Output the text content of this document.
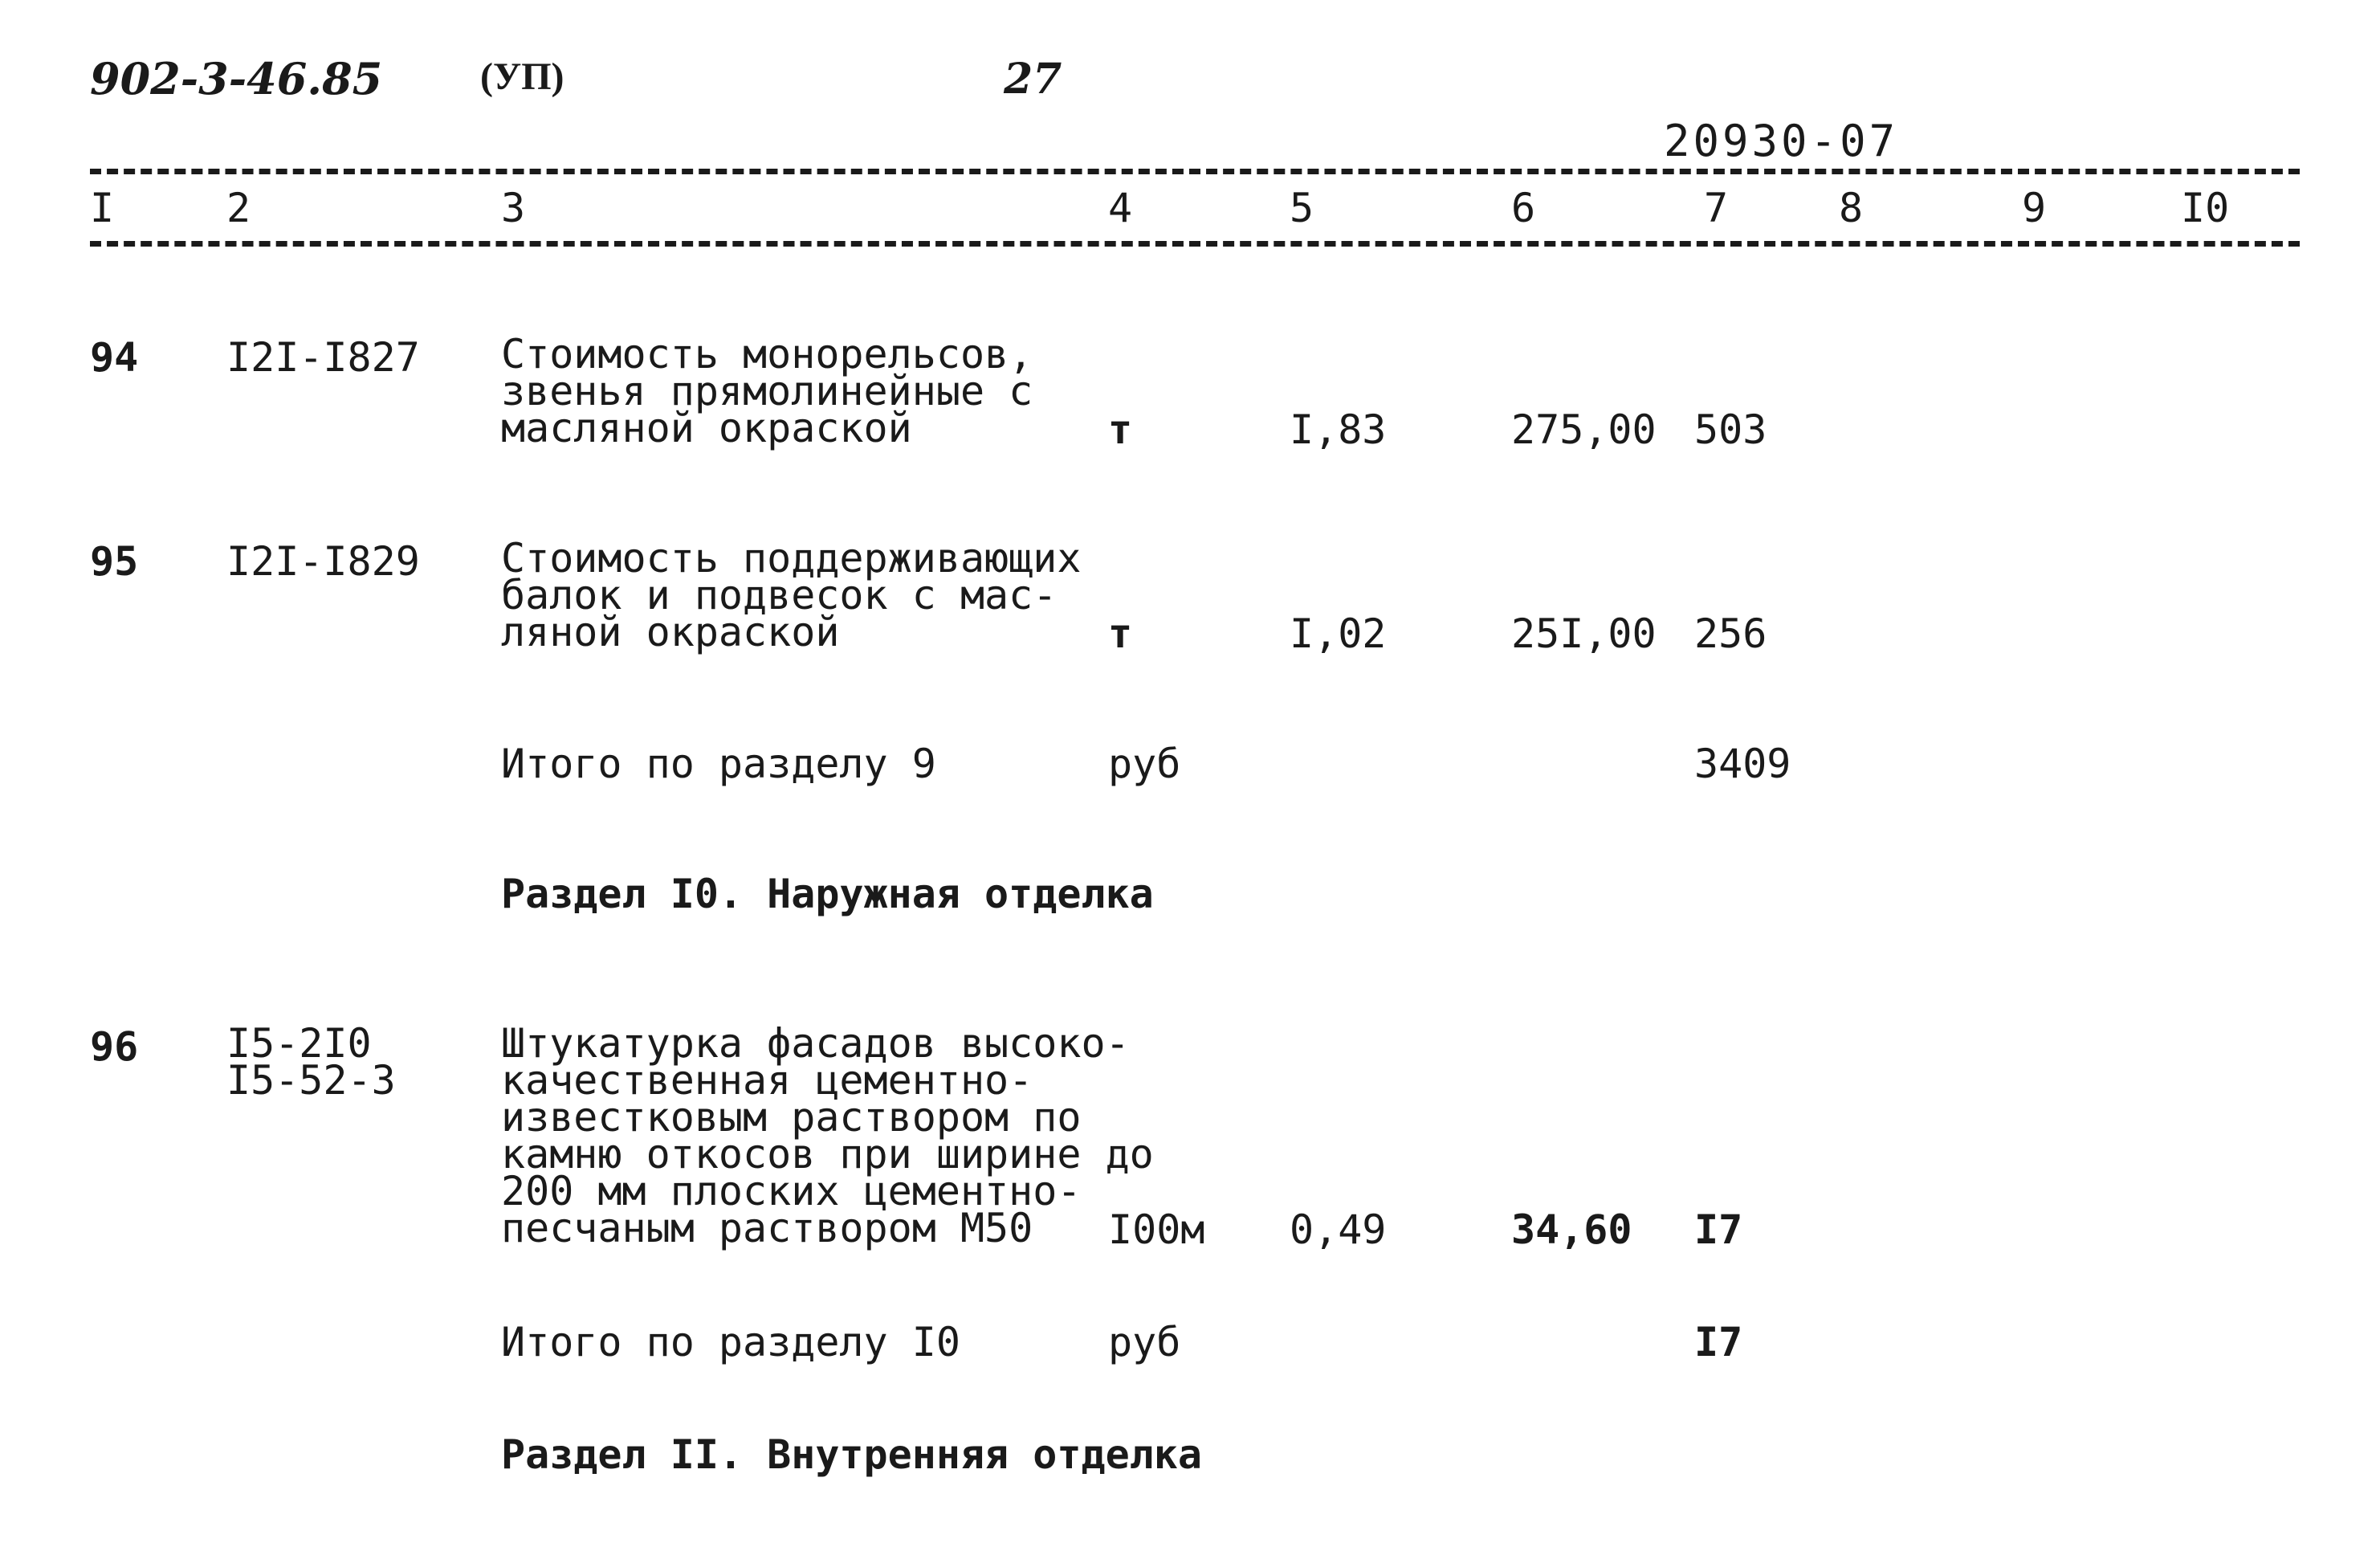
902-3-46.85	(УП)	27
20930-07
I	2	3	4	5	6	7	8	9	I0
94 I2I-I827 Стоимость монорельсов,
звенья прямолинейные с
масляной окраской	т	I,83	275,00 503
95 I2I-I829 Стоимость поддерживающих
балок и подвесок с мас-
ляной окраской	т	I,02	25I,00 256
Итого по разделу 9	руб	3409
Раздел I0. Наружная отделка
96 I5-2I0
I5-52-3
Штукатурка фасадов высоко-
качественная цементно-
известковым раствором по
камню откосов при ширине до
200 мм плоских цементно-
песчаным раствором М50	I00м 0,49	34,60 I7
Итого по разделу I0	руб	I7
Раздел II. Внутренняя отделка
